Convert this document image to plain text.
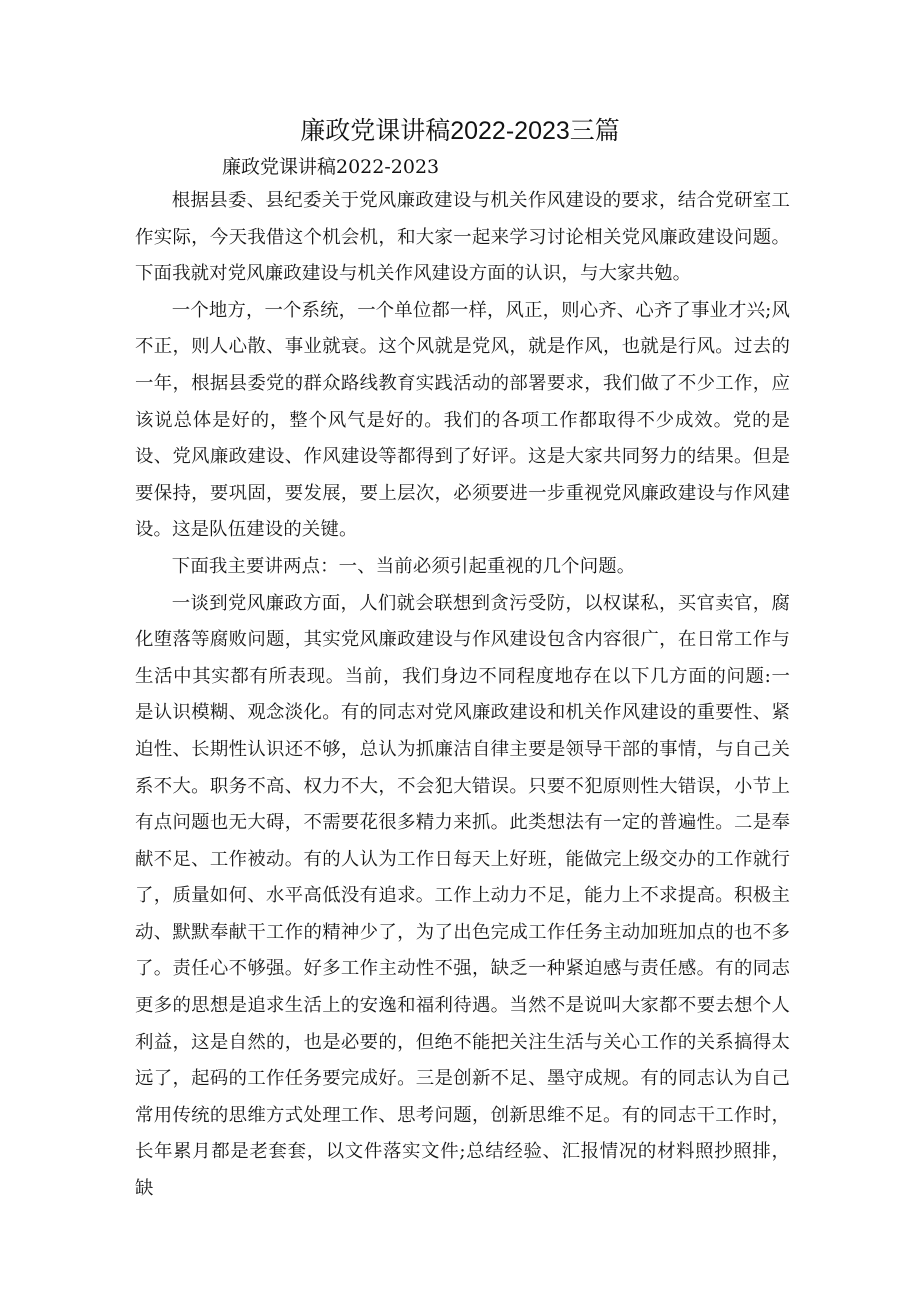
廉政党课讲稿2022-2023三篇
廉政党课讲稿2022-2023

根据县委、县纪委关于党风廉政建设与机关作风建设的要求，结合党研室工作实际，今天我借这个机会机，和大家一起来学习讨论相关党风廉政建设问题。下面我就对党风廉政建设与机关作风建设方面的认识，与大家共勉。

一个地方，一个系统，一个单位都一样，风正，则心齐、心齐了事业才兴;风不正，则人心散、事业就衰。这个风就是党风，就是作风，也就是行风。过去的一年，根据县委党的群众路线教育实践活动的部署要求，我们做了不少工作，应该说总体是好的，整个风气是好的。我们的各项工作都取得不少成效。党的是设、党风廉政建设、作风建设等都得到了好评。这是大家共同努力的结果。但是要保持，要巩固，要发展，要上层次，必须要进一步重视党风廉政建设与作风建设。这是队伍建设的关键。

下面我主要讲两点：一、当前必须引起重视的几个问题。

一谈到党风廉政方面，人们就会联想到贪污受防，以权谋私，买官卖官，腐化堕落等腐败问题，其实党风廉政建设与作风建设包含内容很广，在日常工作与生活中其实都有所表现。当前，我们身边不同程度地存在以下几方面的问题:一是认识模糊、观念淡化。有的同志对党风廉政建设和机关作风建设的重要性、紧迫性、长期性认识还不够，总认为抓廉洁自律主要是领导干部的事情，与自己关系不大。职务不高、权力不大，不会犯大错误。只要不犯原则性大错误，小节上有点问题也无大碍，不需要花很多精力来抓。此类想法有一定的普遍性。二是奉献不足、工作被动。有的人认为工作日每天上好班，能做完上级交办的工作就行了，质量如何、水平高低没有追求。工作上动力不足，能力上不求提高。积极主动、默默奉献干工作的精神少了，为了出色完成工作任务主动加班加点的也不多了。责任心不够强。好多工作主动性不强，缺乏一种紧迫感与责任感。有的同志更多的思想是追求生活上的安逸和福利待遇。当然不是说叫大家都不要去想个人利益，这是自然的，也是必要的，但绝不能把关注生活与关心工作的关系搞得太远了，起码的工作任务要完成好。三是创新不足、墨守成规。有的同志认为自己常用传统的思维方式处理工作、思考问题，创新思维不足。有的同志干工作时，长年累月都是老套套，以文件落实文件;总结经验、汇报情况的材料照抄照排，缺
